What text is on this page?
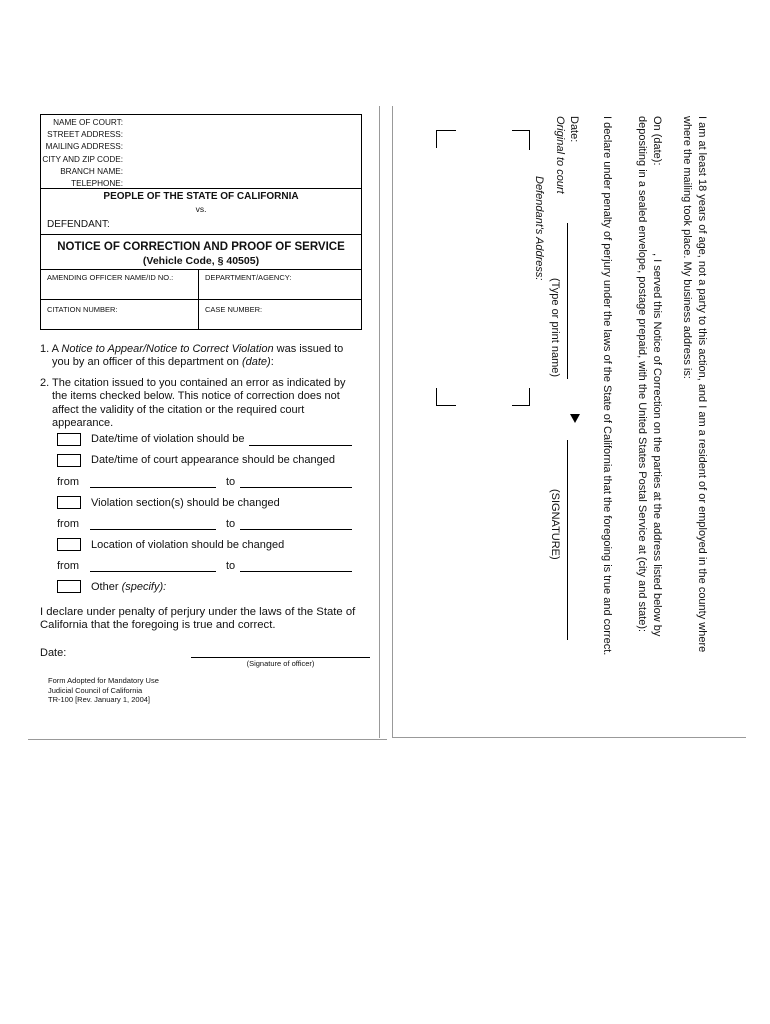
NAME OF COURT:
STREET ADDRESS:
MAILING ADDRESS:
CITY AND ZIP CODE:
BRANCH NAME:
TELEPHONE:
PEOPLE OF THE STATE OF CALIFORNIA
vs.
DEFENDANT:
NOTICE OF CORRECTION AND PROOF OF SERVICE
(Vehicle Code, § 40505)
AMENDING OFFICER NAME/ID NO.:	DEPARTMENT/AGENCY:
CITATION NUMBER:	CASE NUMBER:
1. A Notice to Appear/Notice to Correct Violation was issued to
you by an officer of this department on (date):
2. The citation issued to you contained an error as indicated by
the items checked below. This notice of correction does not
affect the validity of the citation or the required court
appearance.
Date/time of violation should be
Date/time of court appearance should be changed
from	to
Violation section(s) should be changed
from	to
Location of violation should be changed
from	to
Other (specify):
I declare under penalty of perjury under the laws of the State of
California that the foregoing is true and correct.
Date:
(Signature of officer)
Form Adopted for Mandatory Use
Judicial Council of California
TR-100 [Rev. January 1, 2004]
I am at least 18 years of age, not a party to this action, and I am a resident of or employed in the county where
where the mailing took place. My business address is:
On (date):
, I served this Notice of Correction on the parties at the address listed below by
depositing in a sealed envelope, postage prepaid, with the United States Postal Service at (city and state):
I declare under penalty of perjury under the laws of the State of California that the foregoing is true and correct.
Date:
(Type or print name)
(SIGNATURE)
Original to court
Defendant's Address:
